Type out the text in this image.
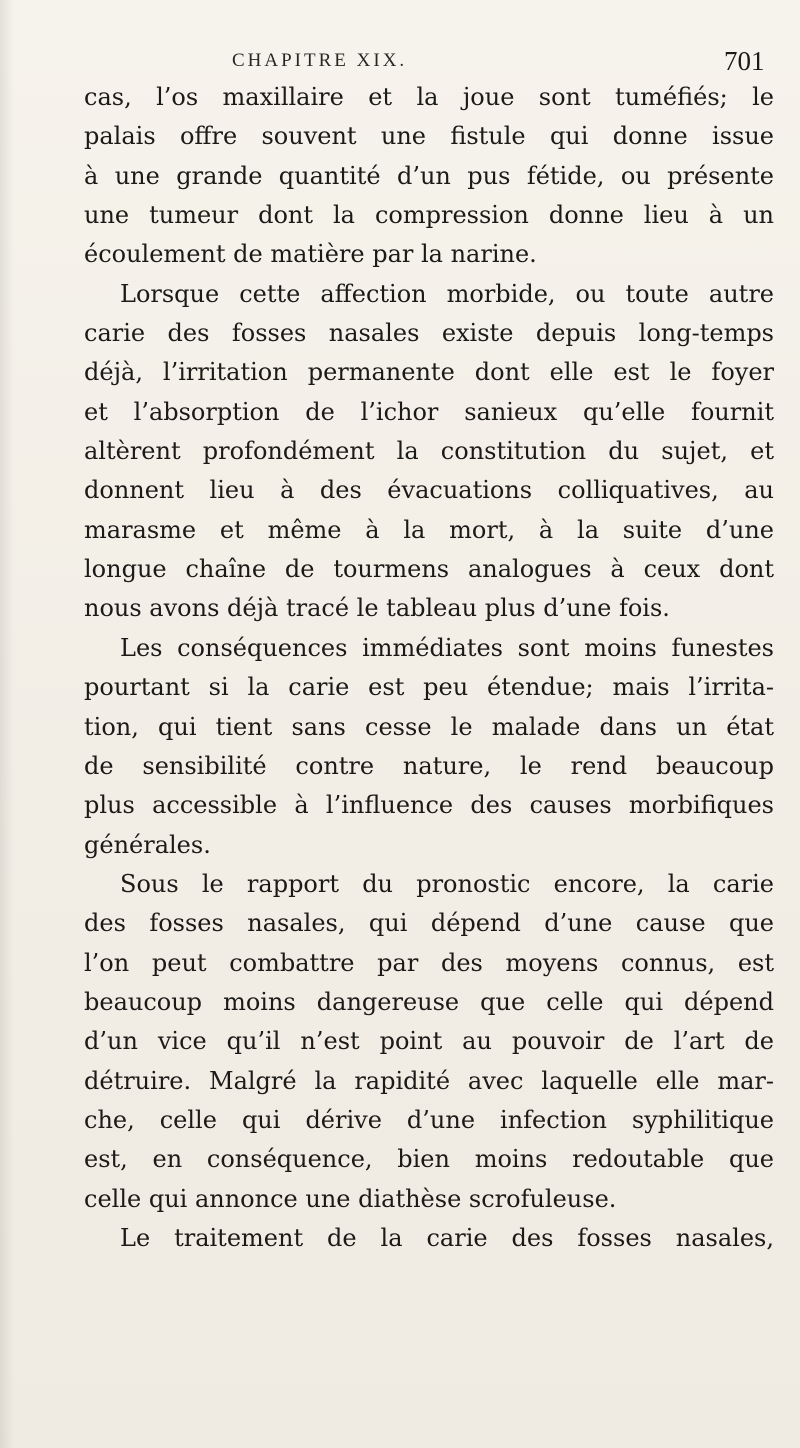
CHAPITRE XIX.	701
cas, l’os maxillaire et la joue sont tuméfiés; le
palais offre souvent une fistule qui donne issue
à une grande quantité d’un pus fétide, ou présente
une tumeur dont la compression donne lieu à un
écoulement de matière par la narine.
Lorsque cette affection morbide, ou toute autre
carie des fosses nasales existe depuis long-temps
déjà, l’irritation permanente dont elle est le foyer
et l’absorption de l’ichor sanieux qu’elle fournit
altèrent profondément la constitution du sujet, et
donnent lieu à des évacuations colliquatives, au
marasme et même à la mort, à la suite d’une
longue chaîne de tourmens analogues à ceux dont
nous avons déjà tracé le tableau plus d’une fois.
Les conséquences immédiates sont moins funestes
pourtant si la carie est peu étendue; mais l’irrita-
tion, qui tient sans cesse le malade dans un état
de sensibilité contre nature, le rend beaucoup
plus accessible à l’influence des causes morbifiques
générales.
Sous le rapport du pronostic encore, la carie
des fosses nasales, qui dépend d’une cause que
l’on peut combattre par des moyens connus, est
beaucoup moins dangereuse que celle qui dépend
d’un vice qu’il n’est point au pouvoir de l’art de
détruire. Malgré la rapidité avec laquelle elle mar-
che, celle qui dérive d’une infection syphilitique
est, en conséquence, bien moins redoutable que
celle qui annonce une diathèse scrofuleuse.
Le traitement de la carie des fosses nasales,
